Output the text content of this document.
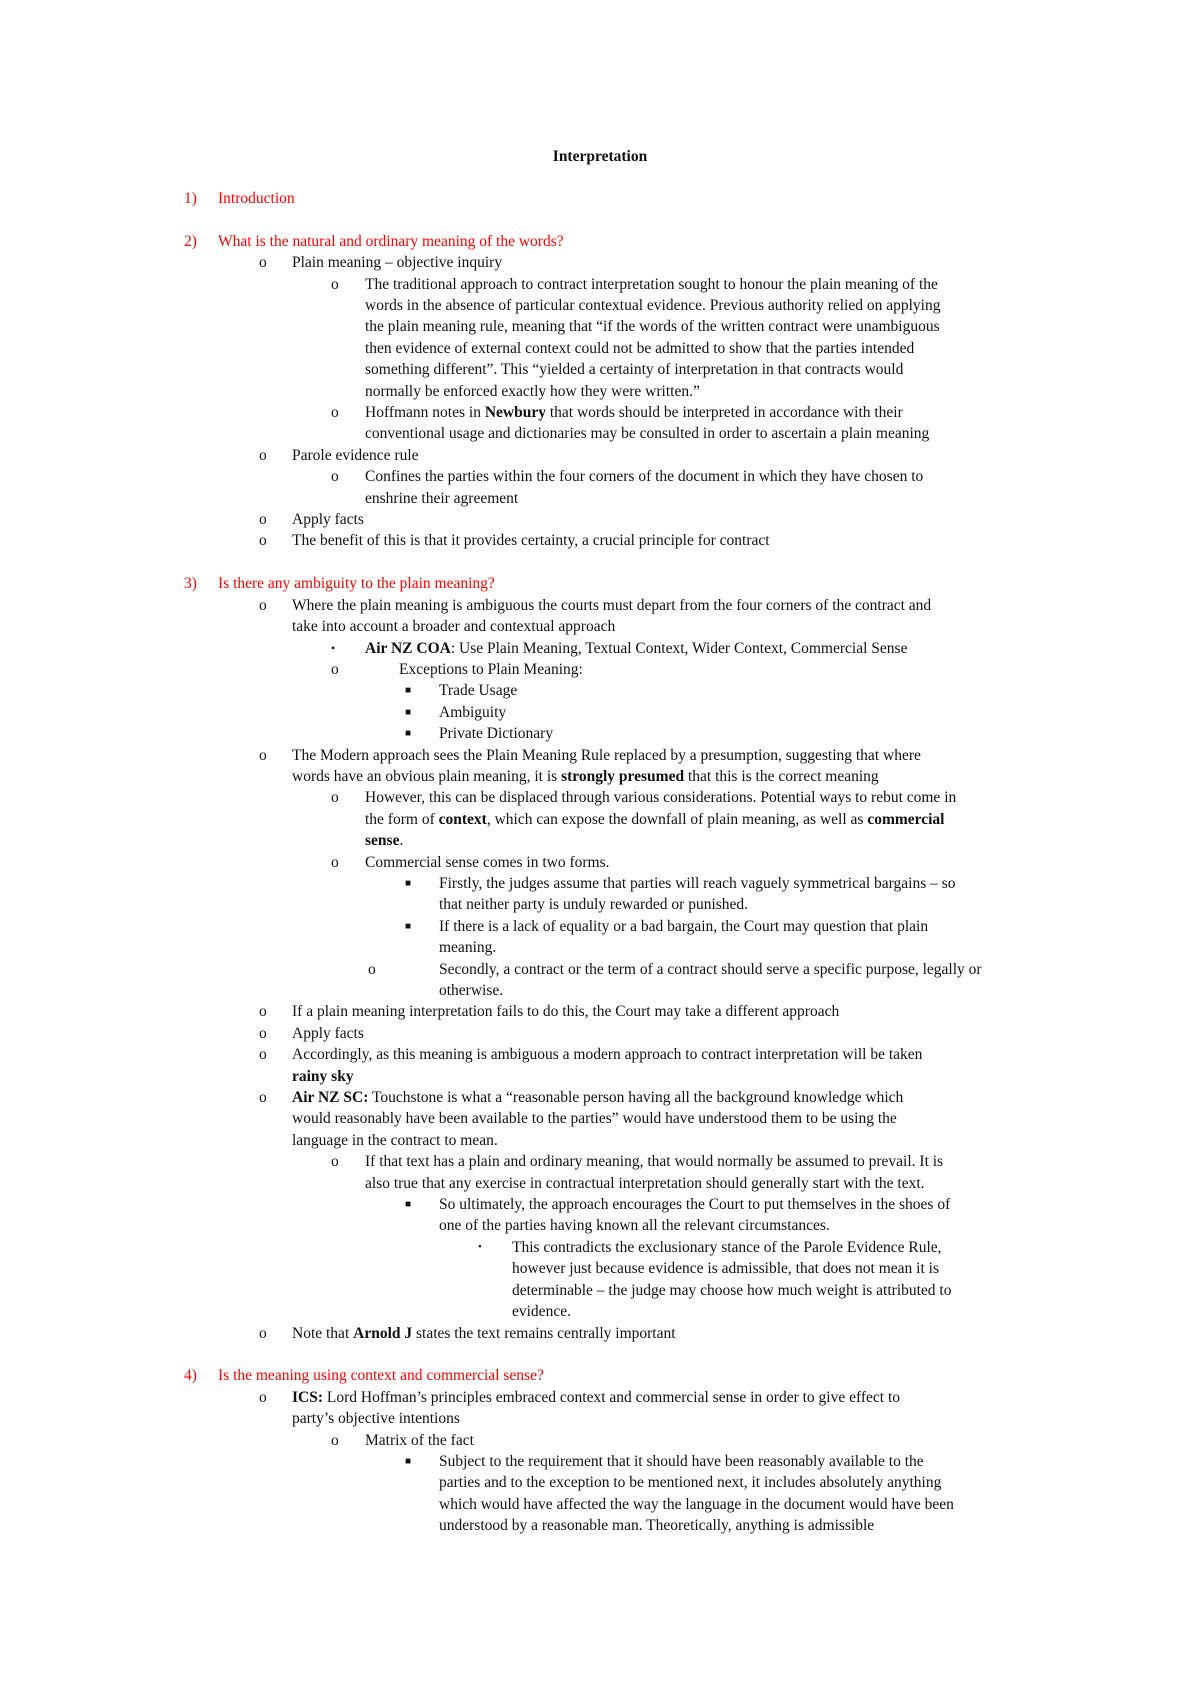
Interpretation
1) Introduction
2) What is the natural and ordinary meaning of the words?
o Plain meaning – objective inquiry
o The traditional approach to contract interpretation sought to honour the plain meaning of the
words in the absence of particular contextual evidence. Previous authority relied on applying
the plain meaning rule, meaning that “if the words of the written contract were unambiguous
then evidence of external context could not be admitted to show that the parties intended
something different”. This “yielded a certainty of interpretation in that contracts would
normally be enforced exactly how they were written.”
o Hoffmann notes in Newbury that words should be interpreted in accordance with their
conventional usage and dictionaries may be consulted in order to ascertain a plain meaning
o Parole evidence rule
o Confines the parties within the four corners of the document in which they have chosen to
enshrine their agreement
o Apply facts
o The benefit of this is that it provides certainty, a crucial principle for contract
3) Is there any ambiguity to the plain meaning?
o Where the plain meaning is ambiguous the courts must depart from the four corners of the contract and
take into account a broader and contextual approach
• Air NZ COA: Use Plain Meaning, Textual Context, Wider Context, Commercial Sense
o	Exceptions to Plain Meaning:
■ Trade Usage
■ Ambiguity
■ Private Dictionary
o The Modern approach sees the Plain Meaning Rule replaced by a presumption, suggesting that where
words have an obvious plain meaning, it is strongly presumed that this is the correct meaning
o However, this can be displaced through various considerations. Potential ways to rebut come in
the form of context, which can expose the downfall of plain meaning, as well as commercial
sense.
o Commercial sense comes in two forms.
■ Firstly, the judges assume that parties will reach vaguely symmetrical bargains – so
that neither party is unduly rewarded or punished.
■ If there is a lack of equality or a bad bargain, the Court may question that plain
meaning.
o	Secondly, a contract or the term of a contract should serve a specific purpose, legally or
otherwise.
o If a plain meaning interpretation fails to do this, the Court may take a different approach
o Apply facts
o Accordingly, as this meaning is ambiguous a modern approach to contract interpretation will be taken
rainy sky
o Air NZ SC: Touchstone is what a “reasonable person having all the background knowledge which
would reasonably have been available to the parties” would have understood them to be using the
language in the contract to mean.
o If that text has a plain and ordinary meaning, that would normally be assumed to prevail. It is
also true that any exercise in contractual interpretation should generally start with the text.
■ So ultimately, the approach encourages the Court to put themselves in the shoes of
one of the parties having known all the relevant circumstances.
• This contradicts the exclusionary stance of the Parole Evidence Rule,
however just because evidence is admissible, that does not mean it is
determinable – the judge may choose how much weight is attributed to
evidence.
o Note that Arnold J states the text remains centrally important
4) Is the meaning using context and commercial sense?
o ICS: Lord Hoffman’s principles embraced context and commercial sense in order to give effect to
party’s objective intentions
o Matrix of the fact
■ Subject to the requirement that it should have been reasonably available to the
parties and to the exception to be mentioned next, it includes absolutely anything
which would have affected the way the language in the document would have been
understood by a reasonable man. Theoretically, anything is admissible
